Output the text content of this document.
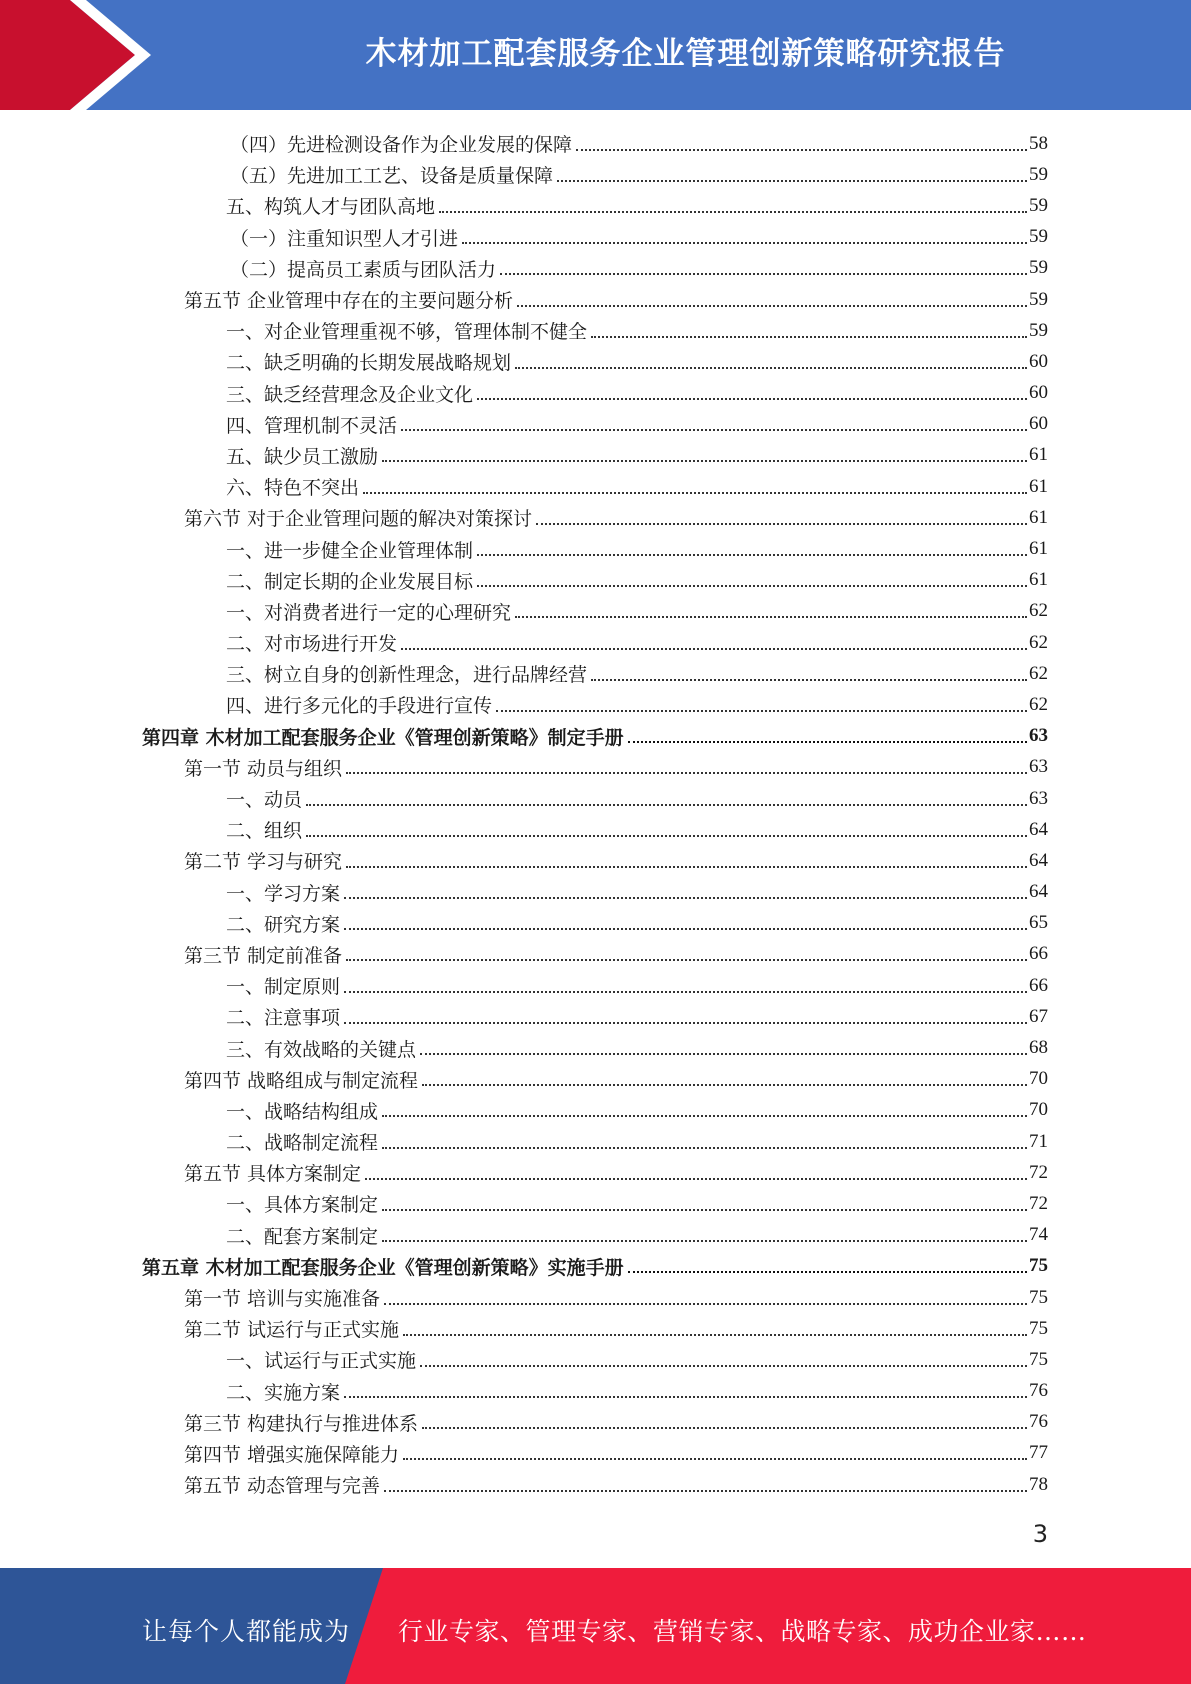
木材加工配套服务企业管理创新策略研究报告
（四）先进检测设备作为企业发展的保障	58
（五）先进加工工艺、设备是质量保障	59
五、构筑人才与团队高地	59
（一）注重知识型人才引进	59
（二）提高员工素质与团队活力	59
第五节 企业管理中存在的主要问题分析	59
一、对企业管理重视不够，管理体制不健全	59
二、缺乏明确的长期发展战略规划	60
三、缺乏经营理念及企业文化	60
四、管理机制不灵活	60
五、缺少员工激励	61
六、特色不突出	61
第六节 对于企业管理问题的解决对策探讨	61
一、进一步健全企业管理体制	61
二、制定长期的企业发展目标	61
一、对消费者进行一定的心理研究	62
二、对市场进行开发	62
三、树立自身的创新性理念，进行品牌经营	62
四、进行多元化的手段进行宣传	62
第四章 木材加工配套服务企业《管理创新策略》制定手册	63
第一节 动员与组织	63
一、动员	63
二、组织	64
第二节 学习与研究	64
一、学习方案	64
二、研究方案	65
第三节 制定前准备	66
一、制定原则	66
二、注意事项	67
三、有效战略的关键点	68
第四节 战略组成与制定流程	70
一、战略结构组成	70
二、战略制定流程	71
第五节 具体方案制定	72
一、具体方案制定	72
二、配套方案制定	74
第五章 木材加工配套服务企业《管理创新策略》实施手册	75
第一节 培训与实施准备	75
第二节 试运行与正式实施	75
一、试运行与正式实施	75
二、实施方案	76
第三节 构建执行与推进体系	76
第四节 增强实施保障能力	77
第五节 动态管理与完善	78
3
让每个人都能成为 行业专家、管理专家、营销专家、战略专家、成功企业家……
